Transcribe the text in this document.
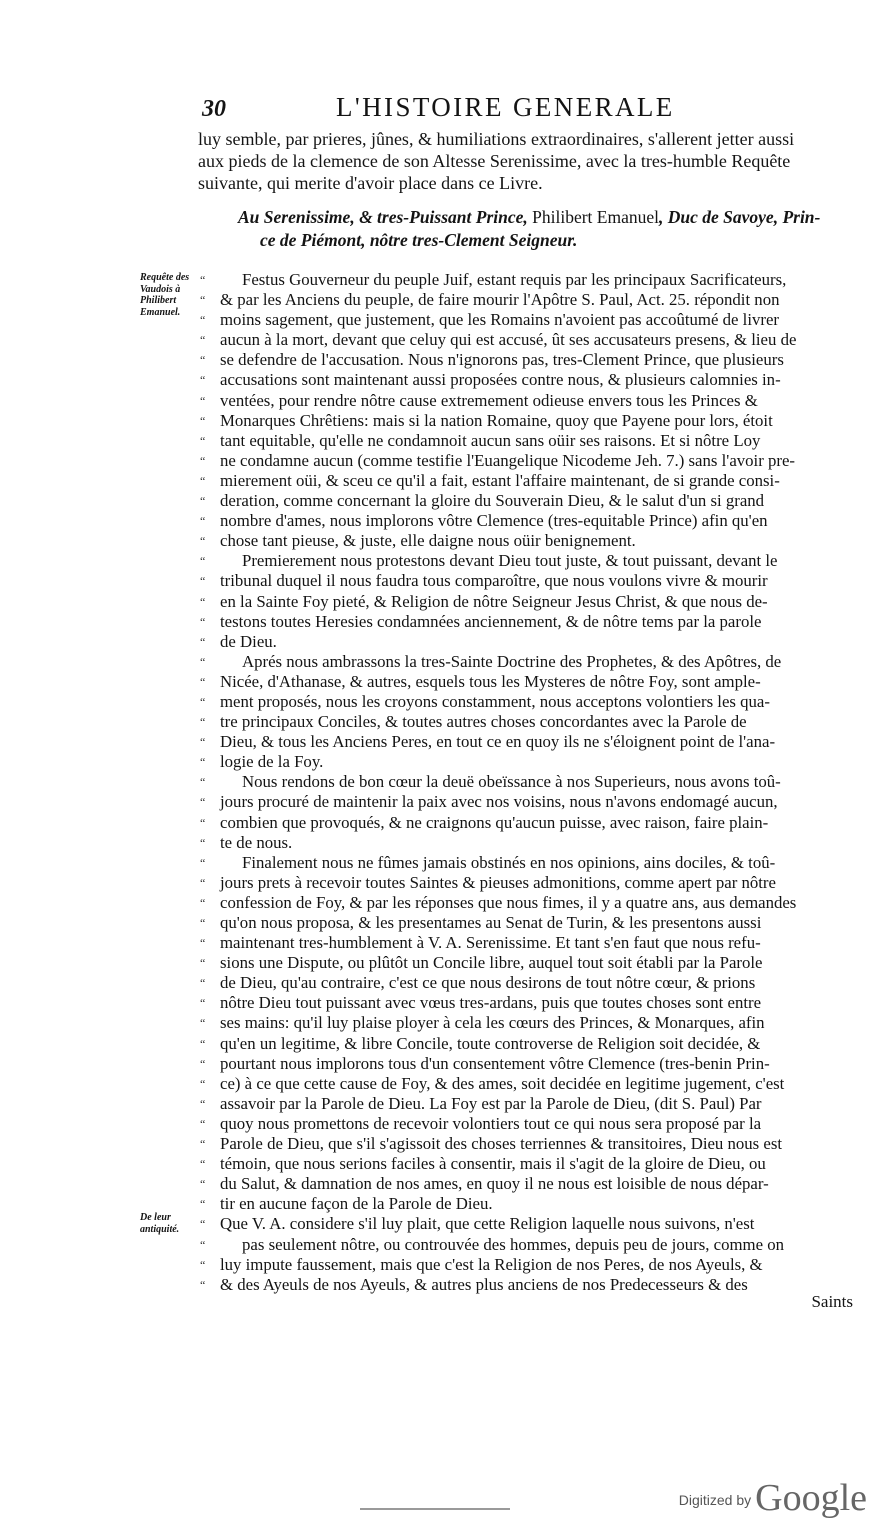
30	L'HISTOIRE GENERALE
luy semble, par prieres, jûnes, & humiliations extraordinaires, s'allerent jetter aussi
aux pieds de la clemence de son Altesse Serenissime, avec la tres-humble Requête
suivante, qui merite d'avoir place dans ce Livre.
Au Serenissime, & tres-Puissant Prince, Philibert Emanuel, Duc de Savoye, Prin-
ce de Piémont, nôtre tres-Clement Seigneur.
Requête des Vaudois à Philibert Emanuel.
De leur antiquité.
“ Festus Gouverneur du peuple Juif, estant requis par les principaux Sacrificateurs,
“ & par les Anciens du peuple, de faire mourir l'Apôtre S. Paul, Act. 25. répondit non
“ moins sagement, que justement, que les Romains n'avoient pas accoûtumé de livrer
“ aucun à la mort, devant que celuy qui est accusé, ût ses accusateurs presens, & lieu de
“ se defendre de l'accusation. Nous n'ignorons pas, tres-Clement Prince, que plusieurs
“ accusations sont maintenant aussi proposées contre nous, & plusieurs calomnies in-
“ ventées, pour rendre nôtre cause extremement odieuse envers tous les Princes &
“ Monarques Chrêtiens: mais si la nation Romaine, quoy que Payene pour lors, étoit
“ tant equitable, qu'elle ne condamnoit aucun sans oüir ses raisons. Et si nôtre Loy
“ ne condamne aucun (comme testifie l'Euangelique Nicodeme Jeh. 7.) sans l'avoir pre-
“ mierement oüi, & sceu ce qu'il a fait, estant l'affaire maintenant, de si grande consi-
“ deration, comme concernant la gloire du Souverain Dieu, & le salut d'un si grand
“ nombre d'ames, nous implorons vôtre Clemence (tres-equitable Prince) afin qu'en
“ chose tant pieuse, & juste, elle daigne nous oüir benignement.
“ Premierement nous protestons devant Dieu tout juste, & tout puissant, devant le
“ tribunal duquel il nous faudra tous comparoître, que nous voulons vivre & mourir
“ en la Sainte Foy pieté, & Religion de nôtre Seigneur Jesus Christ, & que nous de-
“ testons toutes Heresies condamnées anciennement, & de nôtre tems par la parole
“ de Dieu.
“ Aprés nous ambrassons la tres-Sainte Doctrine des Prophetes, & des Apôtres, de
“ Nicée, d'Athanase, & autres, esquels tous les Mysteres de nôtre Foy, sont ample-
“ ment proposés, nous les croyons constamment, nous acceptons volontiers les qua-
“ tre principaux Conciles, & toutes autres choses concordantes avec la Parole de
“ Dieu, & tous les Anciens Peres, en tout ce en quoy ils ne s'éloignent point de l'ana-
“ logie de la Foy.
“ Nous rendons de bon cœur la deuë obeïssance à nos Superieurs, nous avons toû-
“ jours procuré de maintenir la paix avec nos voisins, nous n'avons endomagé aucun,
“ combien que provoqués, & ne craignons qu'aucun puisse, avec raison, faire plain-
“ te de nous.
“ Finalement nous ne fûmes jamais obstinés en nos opinions, ains dociles, & toû-
“ jours prets à recevoir toutes Saintes & pieuses admonitions, comme apert par nôtre
“ confession de Foy, & par les réponses que nous fimes, il y a quatre ans, aus demandes
“ qu'on nous proposa, & les presentames au Senat de Turin, & les presentons aussi
“ maintenant tres-humblement à V. A. Serenissime. Et tant s'en faut que nous refu-
“ sions une Dispute, ou plûtôt un Concile libre, auquel tout soit établi par la Parole
“ de Dieu, qu'au contraire, c'est ce que nous desirons de tout nôtre cœur, & prions
“ nôtre Dieu tout puissant avec vœus tres-ardans, puis que toutes choses sont entre
“ ses mains: qu'il luy plaise ployer à cela les cœurs des Princes, & Monarques, afin
“ qu'en un legitime, & libre Concile, toute controverse de Religion soit decidée, &
“ pourtant nous implorons tous d'un consentement vôtre Clemence (tres-benin Prin-
“ ce) à ce que cette cause de Foy, & des ames, soit decidée en legitime jugement, c'est
“ assavoir par la Parole de Dieu. La Foy est par la Parole de Dieu, (dit S. Paul) Par
“ quoy nous promettons de recevoir volontiers tout ce qui nous sera proposé par la
“ Parole de Dieu, que s'il s'agissoit des choses terriennes & transitoires, Dieu nous est
“ témoin, que nous serions faciles à consentir, mais il s'agit de la gloire de Dieu, ou
“ du Salut, & damnation de nos ames, en quoy il ne nous est loisible de nous dépar-
“ tir en aucune façon de la Parole de Dieu.
“ Que V. A. considere s'il luy plait, que cette Religion laquelle nous suivons, n'est
“ pas seulement nôtre, ou controuvée des hommes, depuis peu de jours, comme on
“ luy impute faussement, mais que c'est la Religion de nos Peres, de nos Ayeuls, &
“ & des Ayeuls de nos Ayeuls, & autres plus anciens de nos Predecesseurs & des
Saints
Digitized by Google
